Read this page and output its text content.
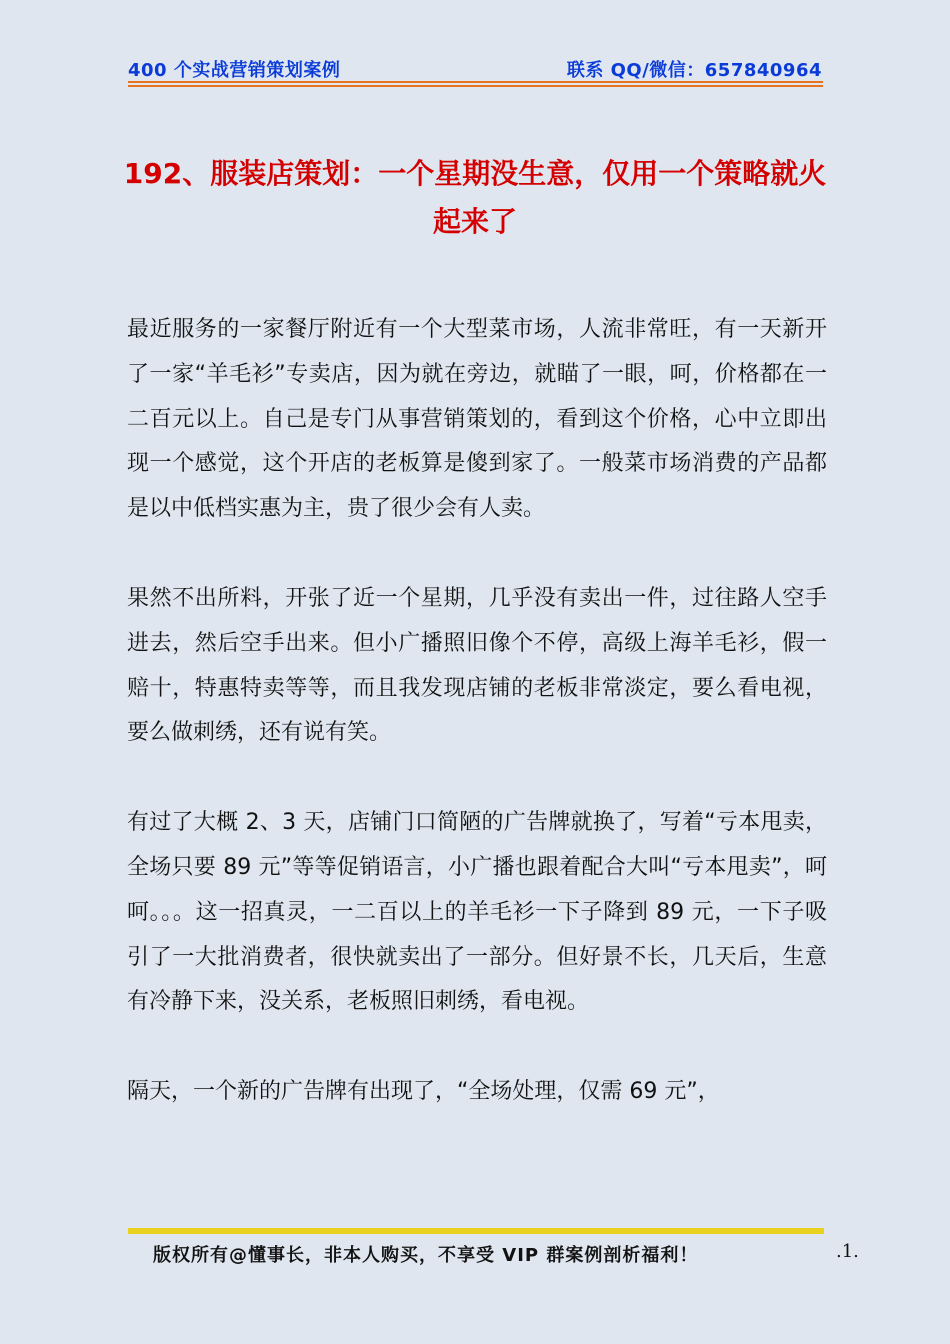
400 个实战营销策划案例	联系 QQ/微信：657840964
192、服装店策划：一个星期没生意，仅用一个策略就火起来了

最近服务的一家餐厅附近有一个大型菜市场，人流非常旺，有一天新开了一家“羊毛衫”专卖店，因为就在旁边，就瞄了一眼，呵，价格都在一二百元以上。自己是专门从事营销策划的，看到这个价格，心中立即出现一个感觉，这个开店的老板算是傻到家了。一般菜市场消费的产品都是以中低档实惠为主，贵了很少会有人卖。

果然不出所料，开张了近一个星期，几乎没有卖出一件，过往路人空手进去，然后空手出来。但小广播照旧像个不停，高级上海羊毛衫，假一赔十，特惠特卖等等，而且我发现店铺的老板非常淡定，要么看电视，要么做刺绣，还有说有笑。

有过了大概 2、3 天，店铺门口简陋的广告牌就换了，写着“亏本甩卖，全场只要 89 元”等等促销语言，小广播也跟着配合大叫“亏本甩卖”，呵呵。。。这一招真灵，一二百以上的羊毛衫一下子降到 89 元，一下子吸引了一大批消费者，很快就卖出了一部分。但好景不长，几天后，生意有冷静下来，没关系，老板照旧刺绣，看电视。

隔天，一个新的广告牌有出现了，“全场处理，仅需 69 元”，

版权所有@懂事长，非本人购买，不享受 VIP 群案例剖析福利！	.1.
